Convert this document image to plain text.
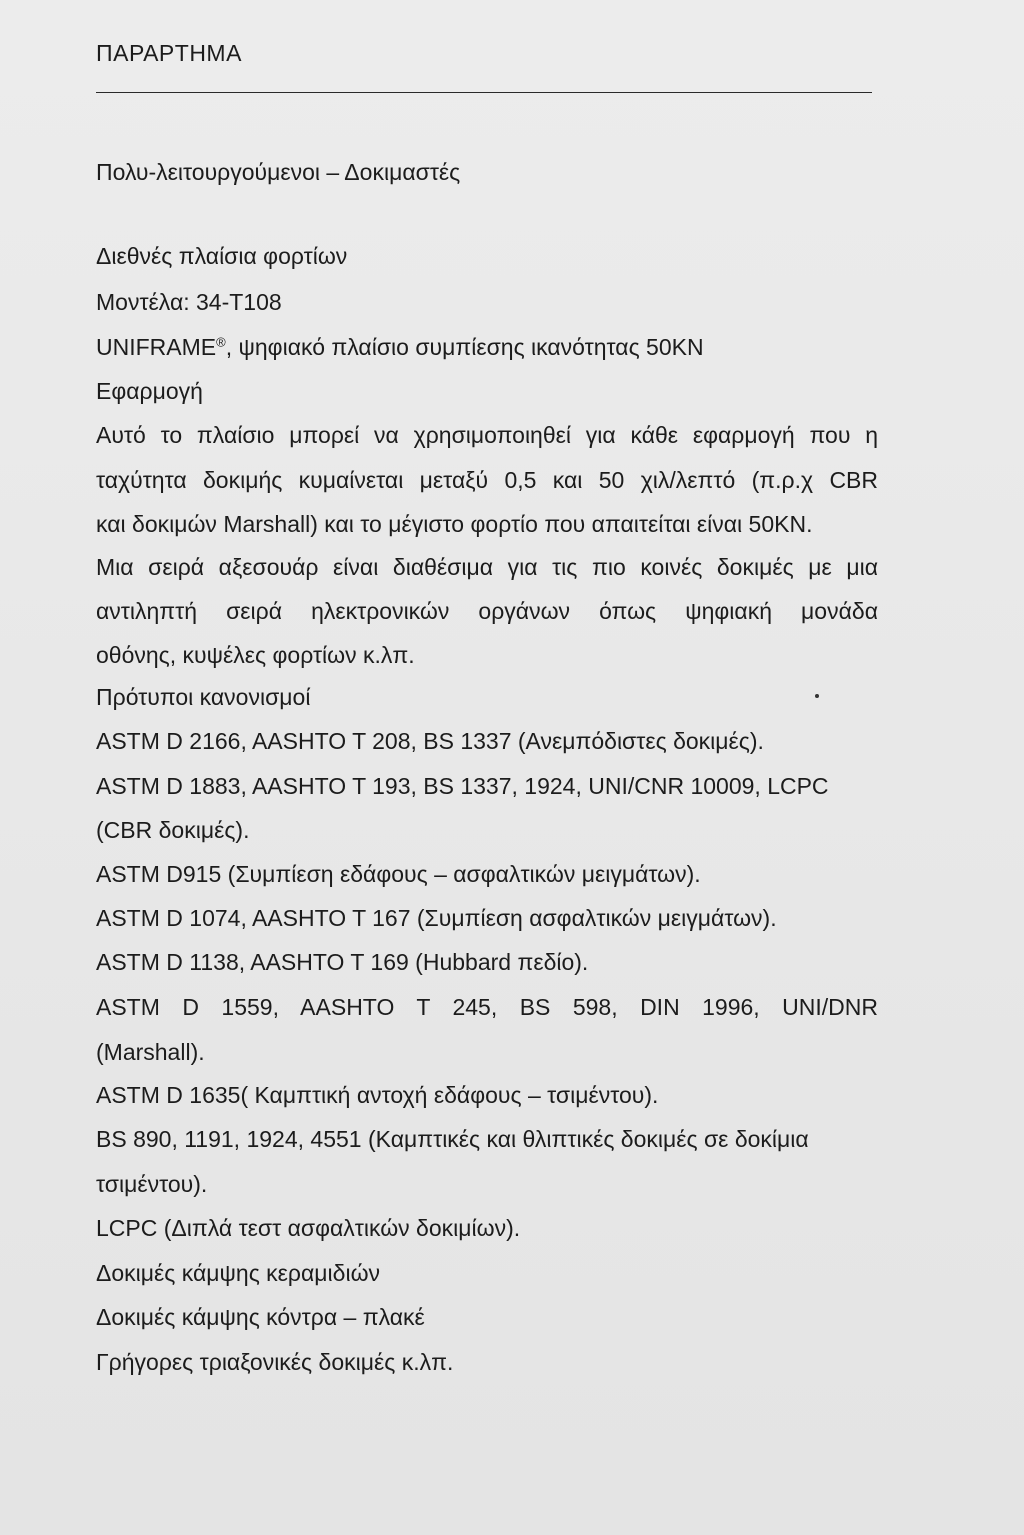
ΠΑΡΑΡΤΗΜΑ
Πολυ-λειτουργούμενοι – Δοκιμαστές
Διεθνές πλαίσια φορτίων
Μοντέλα: 34-T108
UNIFRAME®, ψηφιακό πλαίσιο συμπίεσης ικανότητας 50KN
Εφαρμογή
Αυτό το πλαίσιο μπορεί να χρησιμοποιηθεί για κάθε εφαρμογή που η
ταχύτητα δοκιμής κυμαίνεται μεταξύ 0,5 και 50 χιλ/λεπτό (π.ρ.χ CBR
και δοκιμών Marshall) και το μέγιστο φορτίο που απαιτείται είναι 50KN.
Μια σειρά αξεσουάρ είναι διαθέσιμα για τις πιο κοινές δοκιμές με μια
αντιληπτή σειρά ηλεκτρονικών οργάνων όπως ψηφιακή μονάδα
οθόνης, κυψέλες φορτίων κ.λπ.
Πρότυποι κανονισμοί
ASTM D 2166, AASHTO T 208, BS 1337 (Ανεμπόδιστες δοκιμές).
ASTM D 1883, AASHTO T 193, BS 1337, 1924, UNI/CNR 10009, LCPC
(CBR δοκιμές).
ASTM D915 (Συμπίεση εδάφους – ασφαλτικών μειγμάτων).
ASTM D 1074, AASHTO T 167 (Συμπίεση ασφαλτικών μειγμάτων).
ASTM D 1138, AASHTO T 169 (Hubbard πεδίο).
ASTM D 1559, AASHTO T 245, BS 598, DIN 1996, UNI/DNR
(Marshall).
ASTM D 1635( Καμπτική αντοχή εδάφους – τσιμέντου).
BS 890, 1191, 1924, 4551 (Καμπτικές και θλιπτικές δοκιμές σε δοκίμια
τσιμέντου).
LCPC (Διπλά τεστ ασφαλτικών δοκιμίων).
Δοκιμές κάμψης κεραμιδιών
Δοκιμές κάμψης κόντρα – πλακέ
Γρήγορες τριαξονικές δοκιμές κ.λπ.
